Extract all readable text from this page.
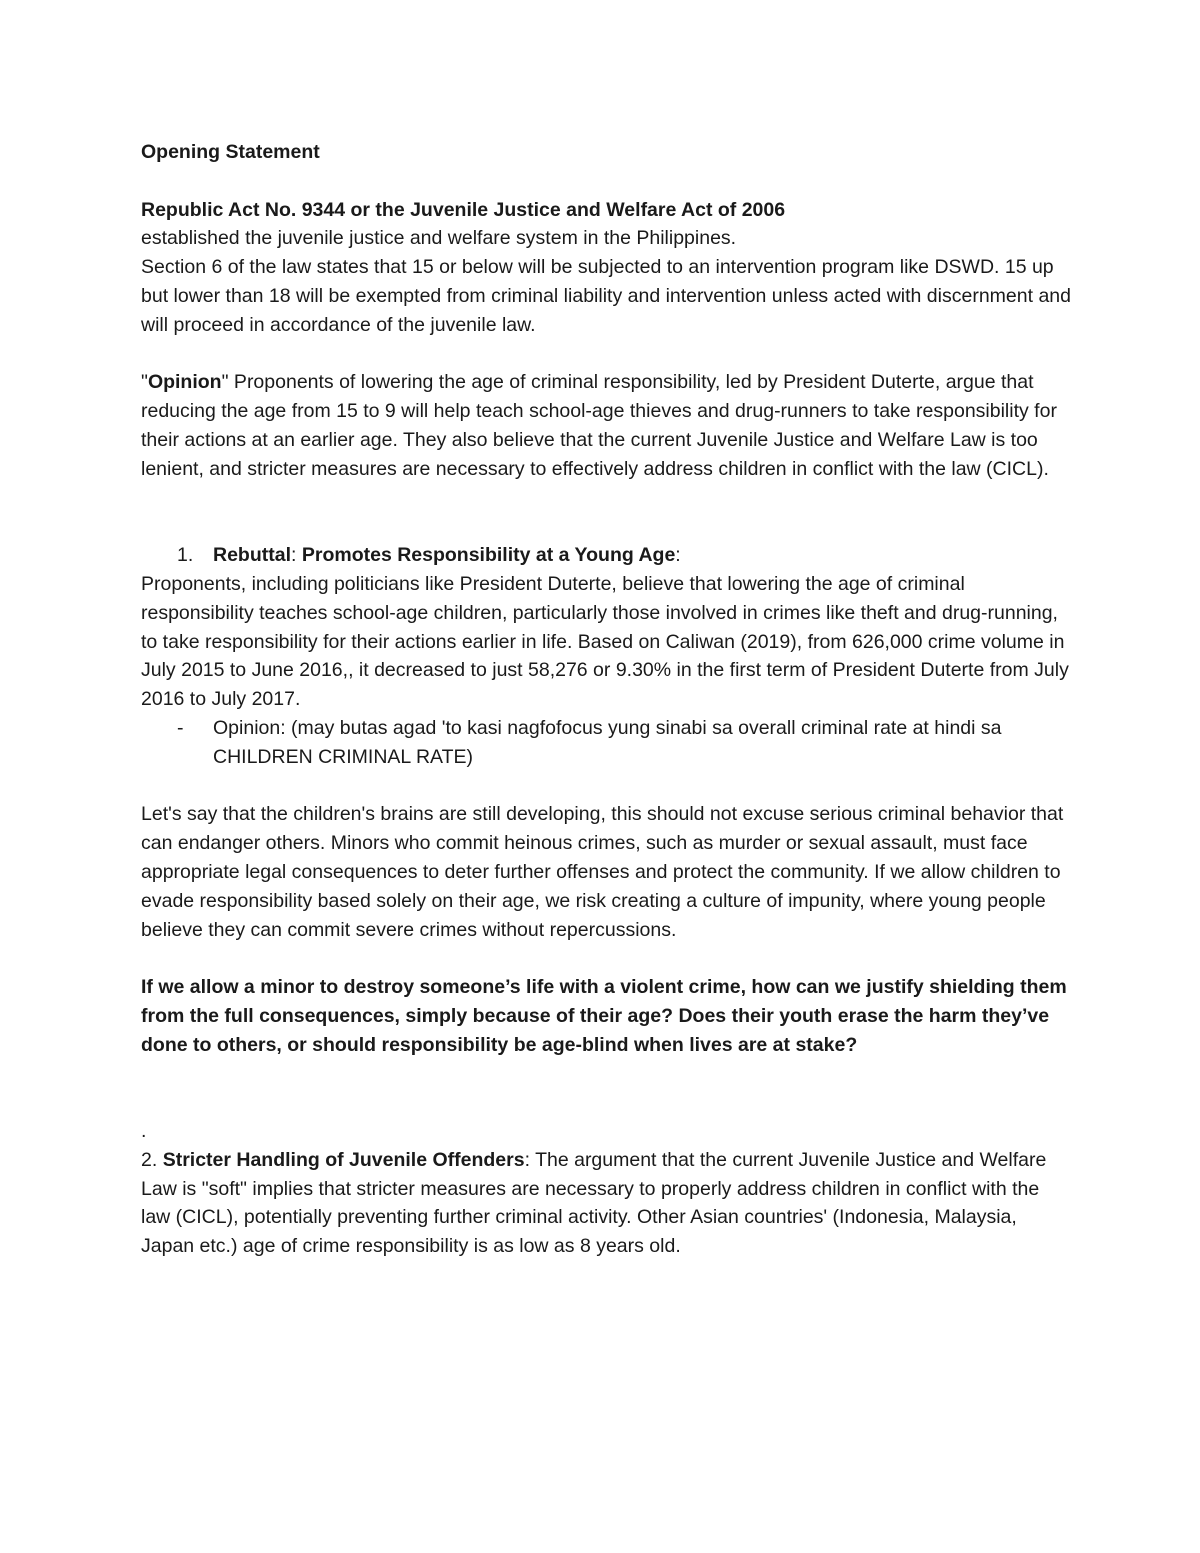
Opening Statement

Republic Act No. 9344 or the Juvenile Justice and Welfare Act of 2006

established the juvenile justice and welfare system in the Philippines.

Section 6 of the law states that 15 or below will be subjected to an intervention program like DSWD. 15 up but lower than 18 will be exempted from criminal liability and intervention unless acted with discernment and will proceed in accordance of the juvenile law.

"Opinion" Proponents of lowering the age of criminal responsibility, led by President Duterte, argue that reducing the age from 15 to 9 will help teach school-age thieves and drug-runners to take responsibility for their actions at an earlier age. They also believe that the current Juvenile Justice and Welfare Law is too lenient, and stricter measures are necessary to effectively address children in conflict with the law (CICL).

1. Rebuttal: Promotes Responsibility at a Young Age:

Proponents, including politicians like President Duterte, believe that lowering the age of criminal responsibility teaches school-age children, particularly those involved in crimes like theft and drug-running, to take responsibility for their actions earlier in life. Based on Caliwan (2019), from 626,000 crime volume in July 2015 to June 2016,, it decreased to just 58,276 or 9.30% in the first term of President Duterte from July 2016 to July 2017.

- Opinion: (may butas agad 'to kasi nagfofocus yung sinabi sa overall criminal rate at hindi sa CHILDREN CRIMINAL RATE)

Let's say that the children's brains are still developing, this should not excuse serious criminal behavior that can endanger others. Minors who commit heinous crimes, such as murder or sexual assault, must face appropriate legal consequences to deter further offenses and protect the community. If we allow children to evade responsibility based solely on their age, we risk creating a culture of impunity, where young people believe they can commit severe crimes without repercussions.

If we allow a minor to destroy someone’s life with a violent crime, how can we justify shielding them from the full consequences, simply because of their age? Does their youth erase the harm they’ve done to others, or should responsibility be age-blind when lives are at stake?

.

2. Stricter Handling of Juvenile Offenders: The argument that the current Juvenile Justice and Welfare Law is "soft" implies that stricter measures are necessary to properly address children in conflict with the law (CICL), potentially preventing further criminal activity. Other Asian countries' (Indonesia, Malaysia, Japan etc.) age of crime responsibility is as low as 8 years old.
